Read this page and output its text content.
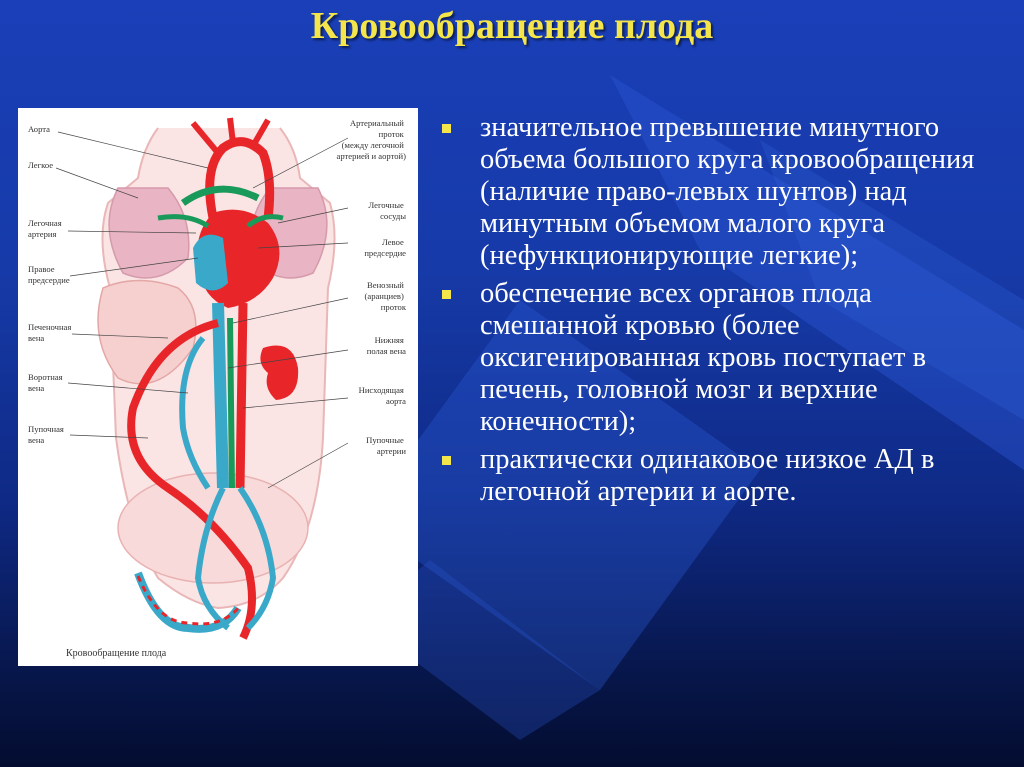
Кровообращение плода
Аорта
Легкое
Легочная артерия
Правое предсердие
Печеночная вена
Воротная вена
Пупочная вена
Артериальный проток (между легочной артерией и аортой)
Легочные сосуды
Левое предсердие
Венозный (аранциев) проток
Нижняя полая вена
Нисходящая аорта
Пупочные артерии
Кровообращение плода
значительное превышение минутного объема большого круга кровообращения (наличие право-левых шунтов) над минутным объемом малого круга (нефункционирующие легкие);
обеспечение всех органов плода смешанной кровью (более оксигенированная кровь поступает в печень, головной мозг и верхние конечности);
практически одинаковое низкое АД в легочной артерии и аорте.
